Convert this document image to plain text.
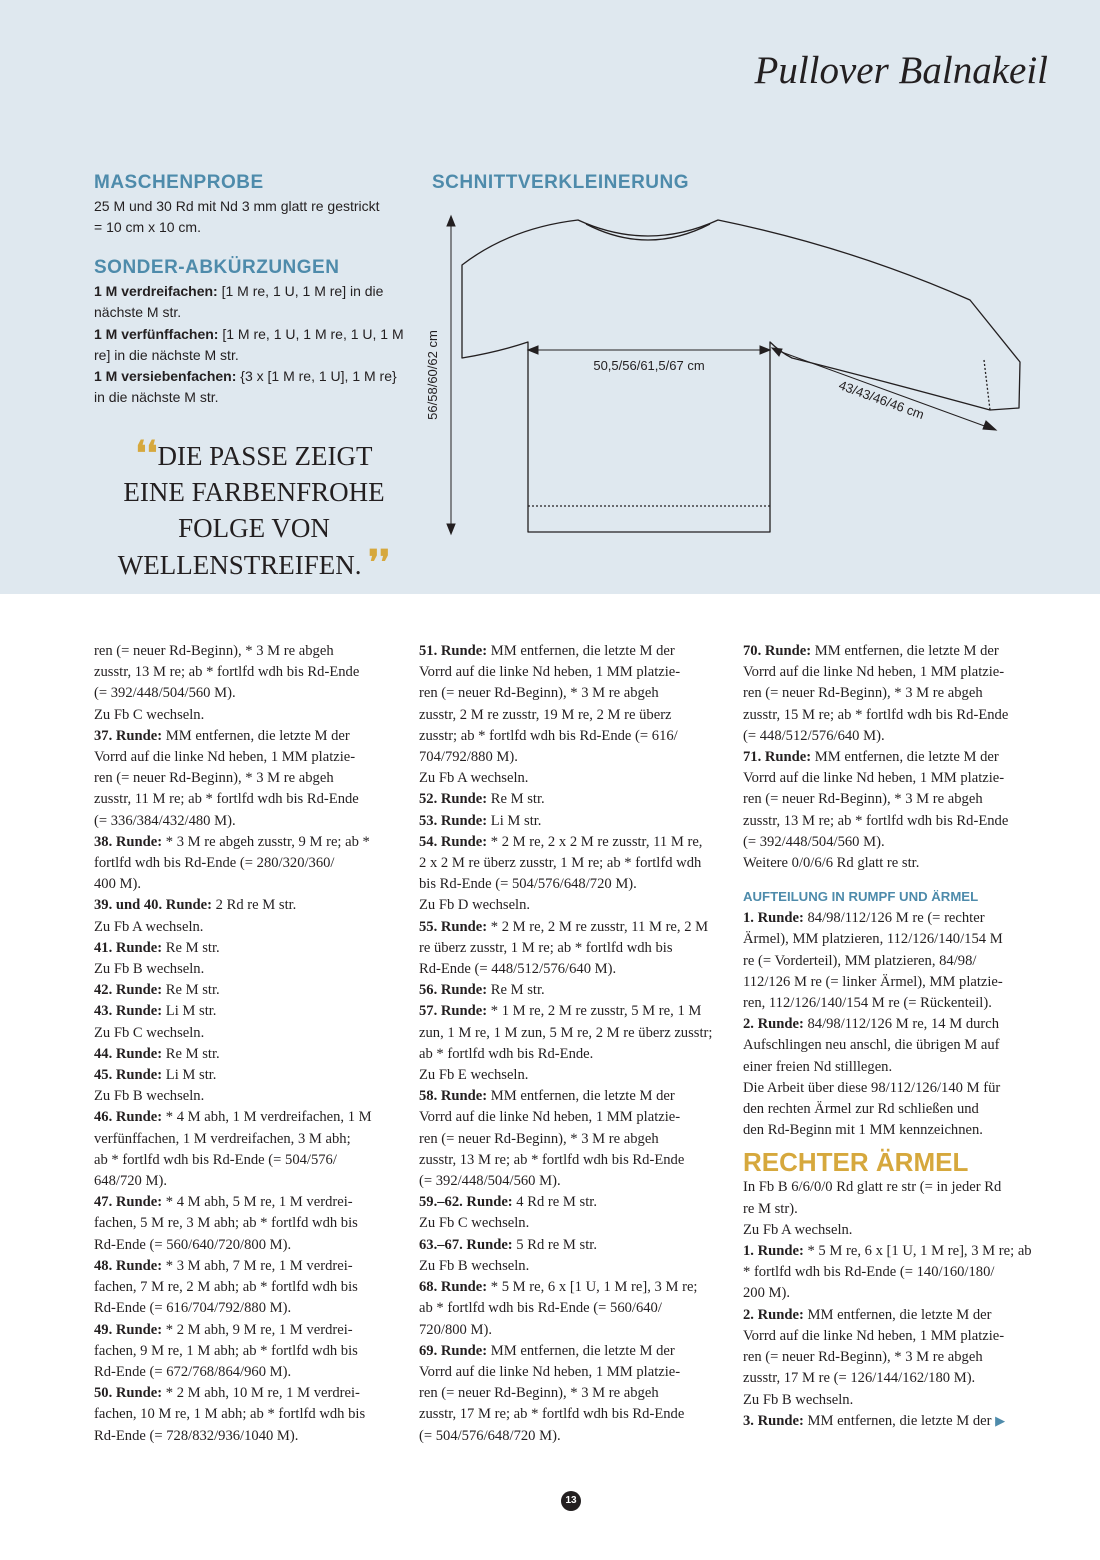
Pullover Balnakeil
MASCHENPROBE

25 M und 30 Rd mit Nd 3 mm glatt re gestrickt

= 10 cm x 10 cm.

SONDER-ABKÜRZUNGEN

1 M verdreifachen: [1 M re, 1 U, 1 M re] in die

nächste M str.

1 M verfünffachen: [1 M re, 1 U, 1 M re, 1 U, 1 M

re] in die nächste M str.

1 M versiebenfachen: {3 x [1 M re, 1 U], 1 M re}

in die nächste M str.

❛❛DIE PASSE ZEIGT
EINE FARBENFROHE
FOLGE VON
WELLENSTREIFEN. ❜❜
SCHNITTVERKLEINERUNG
56/58/60/62 cm	50,5/56/61,5/67 cm
43/43/46/46 cm

ren (= neuer Rd-Beginn), * 3 M re abgeh

zusstr, 13 M re; ab * fortlfd wdh bis Rd-Ende

(= 392/448/504/560 M).

Zu Fb C wechseln.

37. Runde: MM entfernen, die letzte M der

Vorrd auf die linke Nd heben, 1 MM platzie-

ren (= neuer Rd-Beginn), * 3 M re abgeh

zusstr, 11 M re; ab * fortlfd wdh bis Rd-Ende

(= 336/384/432/480 M).

38. Runde: * 3 M re abgeh zusstr, 9 M re; ab *

fortlfd wdh bis Rd-Ende (= 280/320/360/

400 M).

39. und 40. Runde: 2 Rd re M str.

Zu Fb A wechseln.

41. Runde: Re M str.

Zu Fb B wechseln.

42. Runde: Re M str.

43. Runde: Li M str.

Zu Fb C wechseln.

44. Runde: Re M str.

45. Runde: Li M str.

Zu Fb B wechseln.

46. Runde: * 4 M abh, 1 M verdreifachen, 1 M

verfünffachen, 1 M verdreifachen, 3 M abh;

ab * fortlfd wdh bis Rd-Ende (= 504/576/

648/720 M).

47. Runde: * 4 M abh, 5 M re, 1 M verdrei-

fachen, 5 M re, 3 M abh; ab * fortlfd wdh bis

Rd-Ende (= 560/640/720/800 M).

48. Runde: * 3 M abh, 7 M re, 1 M verdrei-

fachen, 7 M re, 2 M abh; ab * fortlfd wdh bis

Rd-Ende (= 616/704/792/880 M).

49. Runde: * 2 M abh, 9 M re, 1 M verdrei-

fachen, 9 M re, 1 M abh; ab * fortlfd wdh bis

Rd-Ende (= 672/768/864/960 M).

50. Runde: * 2 M abh, 10 M re, 1 M verdrei-

fachen, 10 M re, 1 M abh; ab * fortlfd wdh bis

Rd-Ende (= 728/832/936/1040 M).

51. Runde: MM entfernen, die letzte M der

Vorrd auf die linke Nd heben, 1 MM platzie-

ren (= neuer Rd-Beginn), * 3 M re abgeh

zusstr, 2 M re zusstr, 19 M re, 2 M re überz

zusstr; ab * fortlfd wdh bis Rd-Ende (= 616/

704/792/880 M).

Zu Fb A wechseln.

52. Runde: Re M str.

53. Runde: Li M str.

54. Runde: * 2 M re, 2 x 2 M re zusstr, 11 M re,

2 x 2 M re überz zusstr, 1 M re; ab * fortlfd wdh

bis Rd-Ende (= 504/576/648/720 M).

Zu Fb D wechseln.

55. Runde: * 2 M re, 2 M re zusstr, 11 M re, 2 M

re überz zusstr, 1 M re; ab * fortlfd wdh bis

Rd-Ende (= 448/512/576/640 M).

56. Runde: Re M str.

57. Runde: * 1 M re, 2 M re zusstr, 5 M re, 1 M

zun, 1 M re, 1 M zun, 5 M re, 2 M re überz zusstr;

ab * fortlfd wdh bis Rd-Ende.

Zu Fb E wechseln.

58. Runde: MM entfernen, die letzte M der

Vorrd auf die linke Nd heben, 1 MM platzie-

ren (= neuer Rd-Beginn), * 3 M re abgeh

zusstr, 13 M re; ab * fortlfd wdh bis Rd-Ende

(= 392/448/504/560 M).

59.–62. Runde: 4 Rd re M str.

Zu Fb C wechseln.

63.–67. Runde: 5 Rd re M str.

Zu Fb B wechseln.

68. Runde: * 5 M re, 6 x [1 U, 1 M re], 3 M re;

ab * fortlfd wdh bis Rd-Ende (= 560/640/

720/800 M).

69. Runde: MM entfernen, die letzte M der

Vorrd auf die linke Nd heben, 1 MM platzie-

ren (= neuer Rd-Beginn), * 3 M re abgeh

zusstr, 17 M re; ab * fortlfd wdh bis Rd-Ende

(= 504/576/648/720 M).

70. Runde: MM entfernen, die letzte M der

Vorrd auf die linke Nd heben, 1 MM platzie-

ren (= neuer Rd-Beginn), * 3 M re abgeh

zusstr, 15 M re; ab * fortlfd wdh bis Rd-Ende

(= 448/512/576/640 M).

71. Runde: MM entfernen, die letzte M der

Vorrd auf die linke Nd heben, 1 MM platzie-

ren (= neuer Rd-Beginn), * 3 M re abgeh

zusstr, 13 M re; ab * fortlfd wdh bis Rd-Ende

(= 392/448/504/560 M).

Weitere 0/0/6/6 Rd glatt re str.

AUFTEILUNG IN RUMPF UND ÄRMEL

1. Runde: 84/98/112/126 M re (= rechter

Ärmel), MM platzieren, 112/126/140/154 M

re (= Vorderteil), MM platzieren, 84/98/

112/126 M re (= linker Ärmel), MM platzie-

ren, 112/126/140/154 M re (= Rückenteil).

2. Runde: 84/98/112/126 M re, 14 M durch

Aufschlingen neu anschl, die übrigen M auf

einer freien Nd stilllegen.

Die Arbeit über diese 98/112/126/140 M für

den rechten Ärmel zur Rd schließen und

den Rd-Beginn mit 1 MM kennzeichnen.

RECHTER ÄRMEL

In Fb B 6/6/0/0 Rd glatt re str (= in jeder Rd

re M str).

Zu Fb A wechseln.

1. Runde: * 5 M re, 6 x [1 U, 1 M re], 3 M re; ab

* fortlfd wdh bis Rd-Ende (= 140/160/180/

200 M).

2. Runde: MM entfernen, die letzte M der

Vorrd auf die linke Nd heben, 1 MM platzie-

ren (= neuer Rd-Beginn), * 3 M re abgeh

zusstr, 17 M re (= 126/144/162/180 M).

Zu Fb B wechseln.

3. Runde: MM entfernen, die letzte M der ▶

13
